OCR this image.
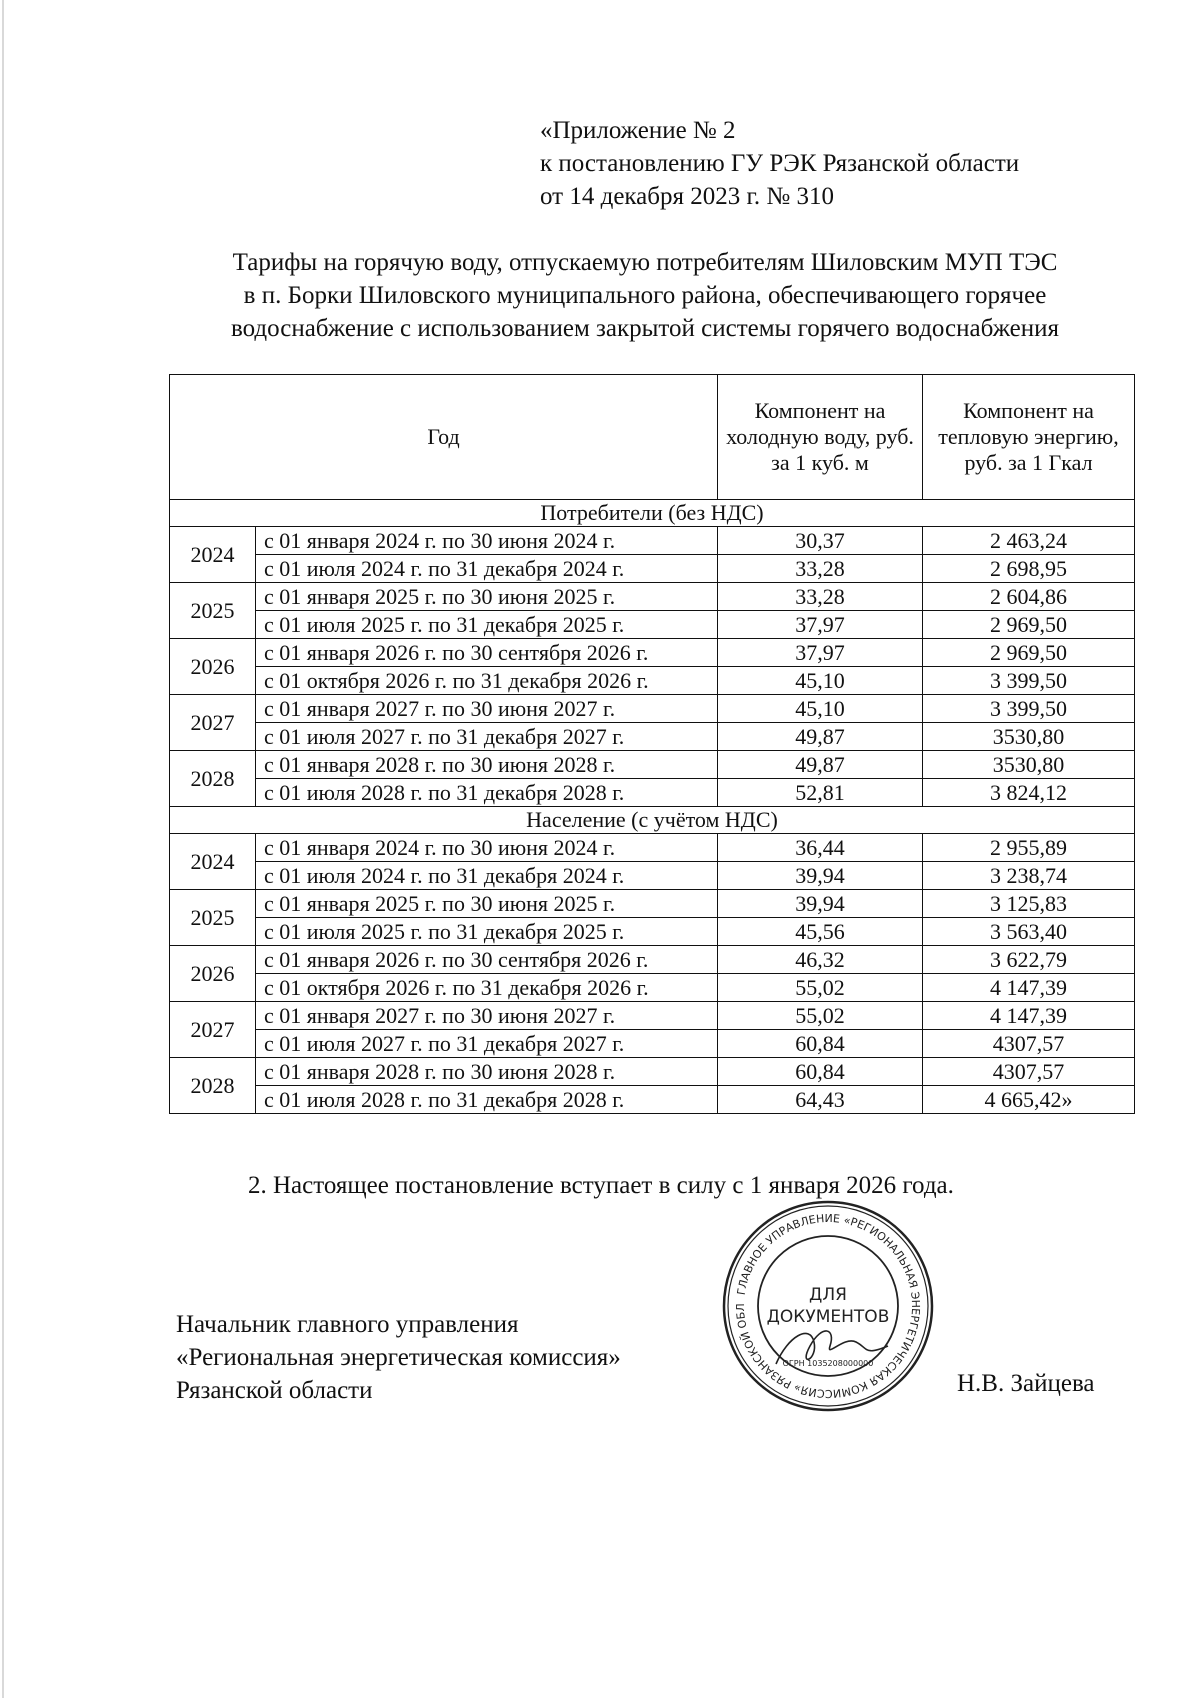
«Приложение № 2
к постановлению ГУ РЭК Рязанской области
от 14 декабря 2023 г. № 310
Тарифы на горячую воду, отпускаемую потребителям Шиловским МУП ТЭС
в п. Борки Шиловского муниципального района, обеспечивающего горячее
водоснабжение с использованием закрытой системы горячего водоснабжения
Год		Компонент на холодную воду, руб. за 1 куб. м	Компонент на тепловую энергию, руб. за 1 Гкал
Потребители (без НДС)			
2024	с 01 января 2024 г. по 30 июня 2024 г.	30,37	2 463,24
	с 01 июля 2024 г. по 31 декабря 2024 г.	33,28	2 698,95
2025	с 01 января 2025 г. по 30 июня 2025 г.	33,28	2 604,86
	с 01 июля 2025 г. по 31 декабря 2025 г.	37,97	2 969,50
2026	с 01 января 2026 г. по 30 сентября 2026 г.	37,97	2 969,50
	с 01 октября 2026 г. по 31 декабря 2026 г.	45,10	3 399,50
2027	с 01 января 2027 г. по 30 июня 2027 г.	45,10	3 399,50
	с 01 июля 2027 г. по 31 декабря 2027 г.	49,87	3530,80
2028	с 01 января 2028 г. по 30 июня 2028 г.	49,87	3530,80
	с 01 июля 2028 г. по 31 декабря 2028 г.	52,81	3 824,12
Население (с учётом НДС)			
2024	с 01 января 2024 г. по 30 июня 2024 г.	36,44	2 955,89
	с 01 июля 2024 г. по 31 декабря 2024 г.	39,94	3 238,74
2025	с 01 января 2025 г. по 30 июня 2025 г.	39,94	3 125,83
	с 01 июля 2025 г. по 31 декабря 2025 г.	45,56	3 563,40
2026	с 01 января 2026 г. по 30 сентября 2026 г.	46,32	3 622,79
	с 01 октября 2026 г. по 31 декабря 2026 г.	55,02	4 147,39
2027	с 01 января 2027 г. по 30 июня 2027 г.	55,02	4 147,39
	с 01 июля 2027 г. по 31 декабря 2027 г.	60,84	4307,57
2028	с 01 января 2028 г. по 30 июня 2028 г.	60,84	4307,57
	с 01 июля 2028 г. по 31 декабря 2028 г.	64,43	4 665,42»
2. Настоящее постановление вступает в силу с 1 января 2026 года.
Начальник главного управления
«Региональная энергетическая комиссия»
Рязанской области	Н.В. Зайцева
ГЛАВНОЕ УПРАВЛЕНИЕ «РЕГИОНАЛЬНАЯ ЭНЕРГЕТИЧЕСКАЯ КОМИССИЯ» РЯЗАНСКОЙ ОБЛ
ДЛЯ
ДОКУМЕНТОВ
ОГРН 1035208000000
